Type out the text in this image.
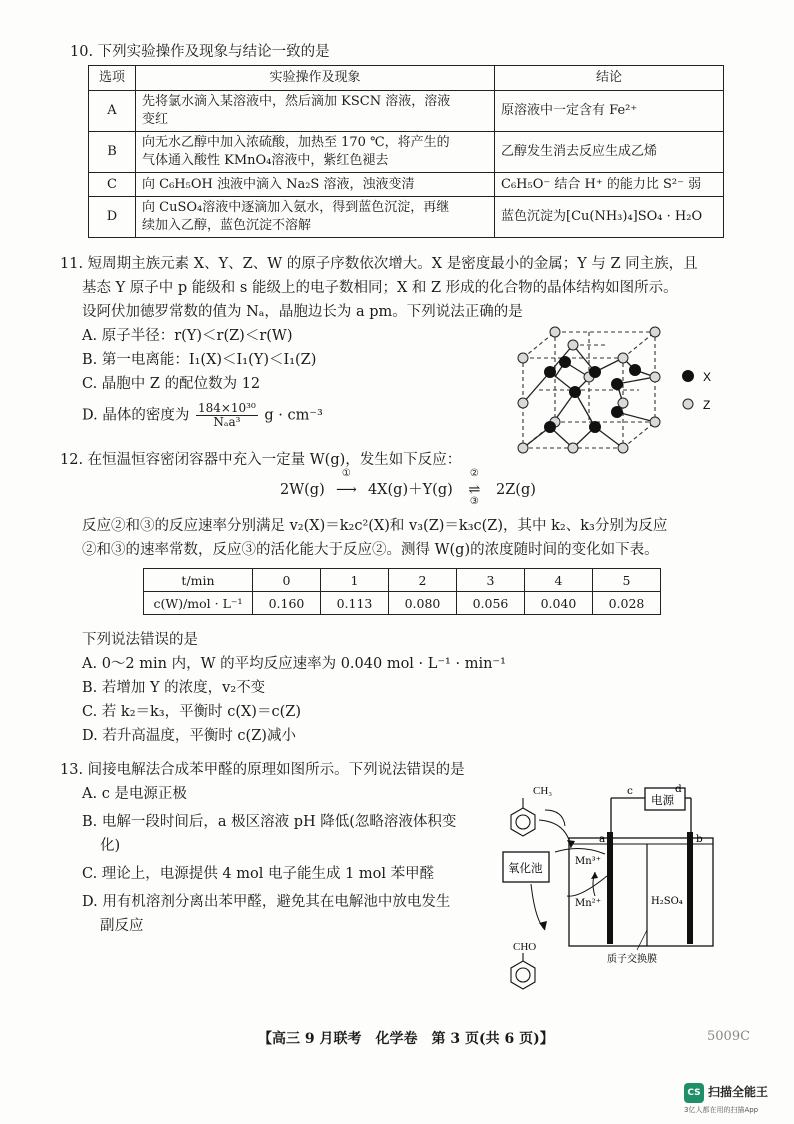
10. 下列实验操作及现象与结论一致的是
选项	实验操作及现象	结论
A	先将氯水滴入某溶液中，然后滴加 KSCN 溶液，溶液
变红	原溶液中一定含有 Fe²⁺
B	向无水乙醇中加入浓硫酸，加热至 170 ℃，将产生的
气体通入酸性 KMnO₄溶液中，紫红色褪去	乙醇发生消去反应生成乙烯
C	向 C₆H₅OH 浊液中滴入 Na₂S 溶液，浊液变清	C₆H₅O⁻ 结合 H⁺ 的能力比 S²⁻ 弱
D	向 CuSO₄溶液中逐滴加入氨水，得到蓝色沉淀，再继
续加入乙醇，蓝色沉淀不溶解	蓝色沉淀为[Cu(NH₃)₄]SO₄ · H₂O
11. 短周期主族元素 X、Y、Z、W 的原子序数依次增大。X 是密度最小的金属；Y 与 Z 同主族，且
基态 Y 原子中 p 能级和 s 能级上的电子数相同；X 和 Z 形成的化合物的晶体结构如图所示。
设阿伏加德罗常数的值为 Nₐ，晶胞边长为 a pm。下列说法正确的是
A. 原子半径：r(Y)＜r(Z)＜r(W)
B. 第一电离能：I₁(X)＜I₁(Y)＜I₁(Z)
C. 晶胞中 Z 的配位数为 12
D. 晶体的密度为 $\frac{\text{184×10³⁰}}{\text{Nₐa³}}$ g · cm⁻³
X
Z
12. 在恒温恒容密闭容器中充入一定量 W(g)，发生如下反应：
2W(g)
①
⟶ 4X(g)＋Y(g)
②
⇌
③
2Z(g)
反应②和③的反应速率分别满足 v₂(X)＝k₂c²(X)和 v₃(Z)＝k₃c(Z)，其中 k₂、k₃分别为反应
②和③的速率常数，反应③的活化能大于反应②。测得 W(g)的浓度随时间的变化如下表。
t/min	0	1	2	3	4	5
c(W)/mol · L⁻¹	0.160	0.113	0.080	0.056	0.040	0.028
下列说法错误的是
A. 0～2 min 内，W 的平均反应速率为 0.040 mol · L⁻¹ · min⁻¹
B. 若增加 Y 的浓度，v₂不变
C. 若 k₂＝k₃，平衡时 c(X)＝c(Z)
D. 若升高温度，平衡时 c(Z)减小
13. 间接电解法合成苯甲醛的原理如图所示。下列说法错误的是
A. c 是电源正极
B. 电解一段时间后，a 极区溶液 pH 降低(忽略溶液体积变
化)
C. 理论上，电源提供 4 mol 电子能生成 1 mol 苯甲醛
D. 用有机溶剂分离出苯甲醛，避免其在电解池中放电发生
副反应
CH₃
CHO
氧化池
电源
c	d
a	b
Mn³⁺
Mn²⁺	H₂SO₄
质子交换膜
【高三 9 月联考　化学卷　第 3 页(共 6 页)】	5009C
CS 扫描全能王
3亿人都在用的扫描App
